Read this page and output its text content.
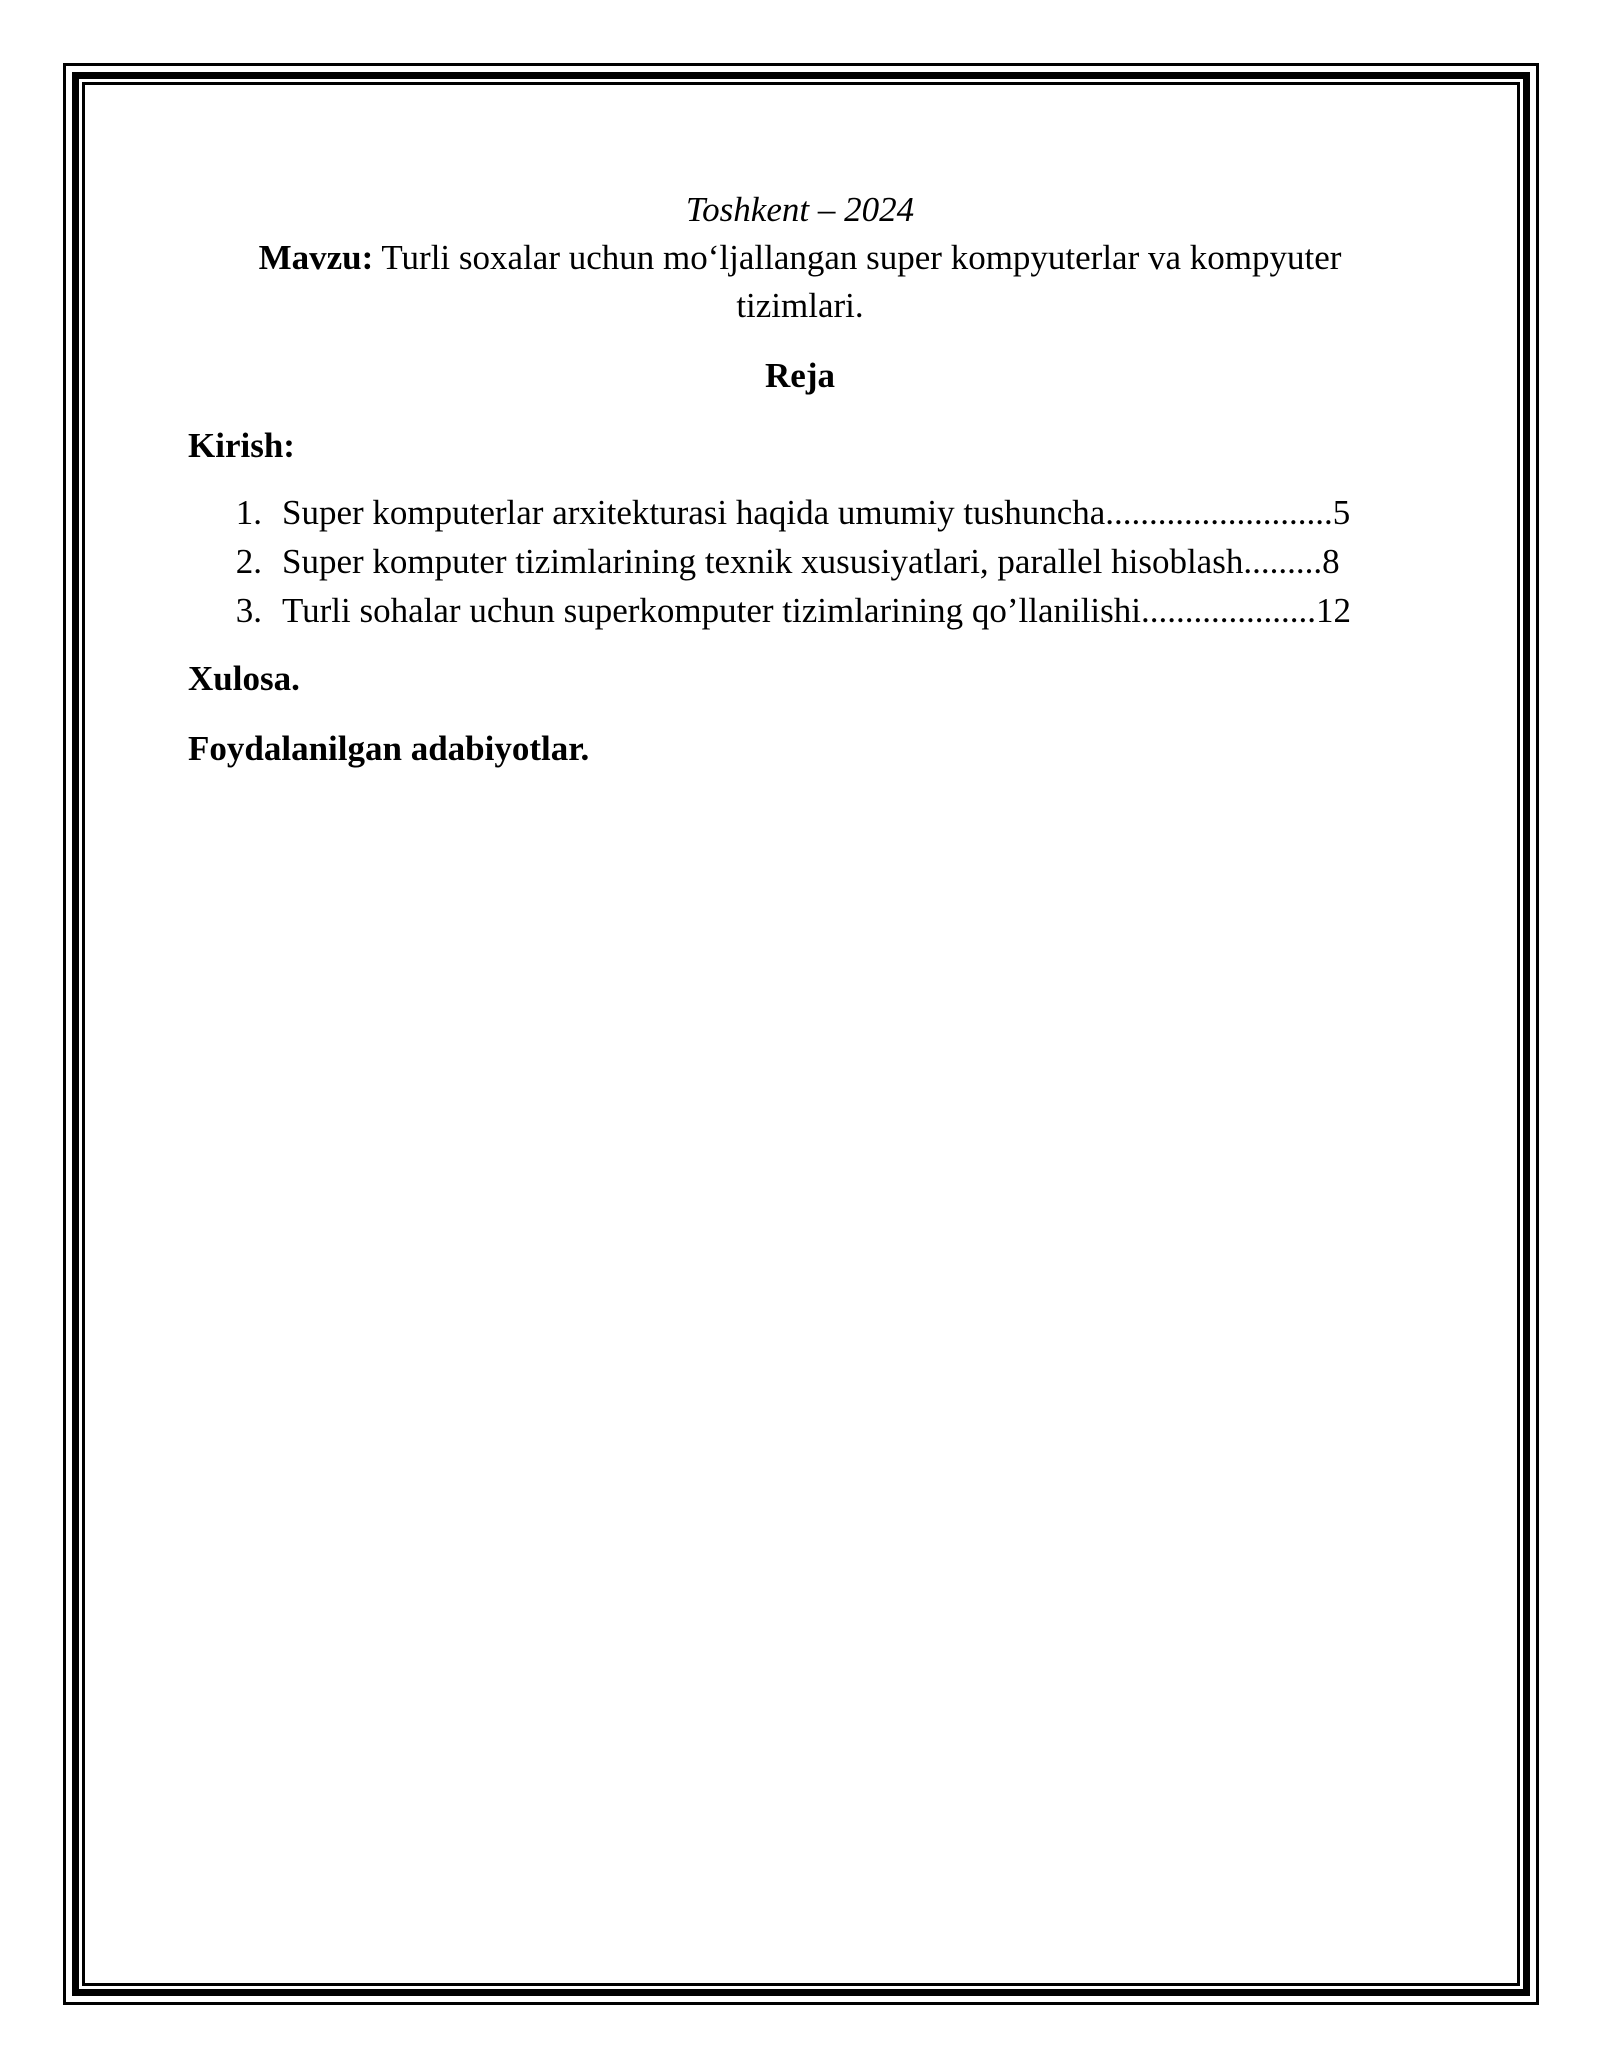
Toshkent – 2024

Mavzu: Turli soxalar uchun mo‘ljallangan super kompyuterlar va kompyuter
tizimlari.

Reja

Kirish:

1. Super komputerlar arxitekturasi haqida umumiy tushuncha.......................... 5
2. Super komputer tizimlarining texnik xususiyatlari, parallel hisoblash......... 8
3. Turli sohalar uchun superkomputer tizimlarining qo’llanilishi.................... 12

Xulosa.

Foydalanilgan adabiyotlar.
